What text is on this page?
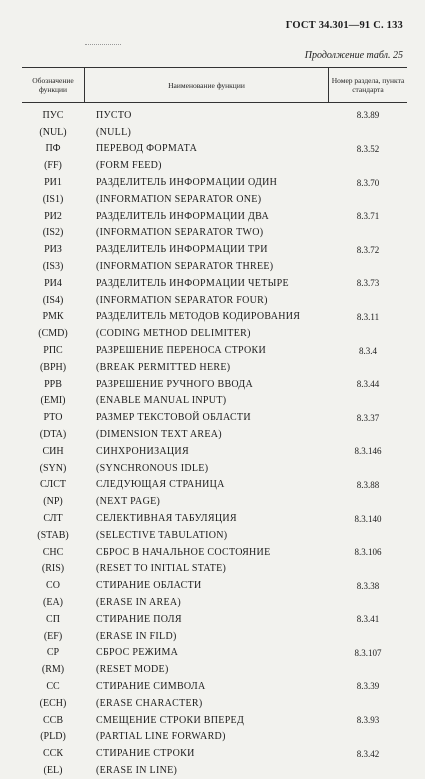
ГОСТ 34.301—91 С. 133
Продолжение табл. 25
Обозначение функции	Наименование функции	Номер раздела, пункта стандарта
ПУС	ПУСТО	8.3.89
(NUL)	(NULL)
ПФ	ПЕРЕВОД ФОРМАТА	8.3.52
(FF)	(FORM FEED)
РИ1	РАЗДЕЛИТЕЛЬ ИНФОРМАЦИИ ОДИН	8.3.70
(IS1)	(INFORMATION SEPARATOR ONE)
РИ2	РАЗДЕЛИТЕЛЬ ИНФОРМАЦИИ ДВА	8.3.71
(IS2)	(INFORMATION SEPARATOR TWO)
РИЗ	РАЗДЕЛИТЕЛЬ ИНФОРМАЦИИ ТРИ	8.3.72
(IS3)	(INFORMATION SEPARATOR THREE)
РИ4	РАЗДЕЛИТЕЛЬ ИНФОРМАЦИИ ЧЕТЫРЕ	8.3.73
(IS4)	(INFORMATION SEPARATOR FOUR)
РМК	РАЗДЕЛИТЕЛЬ МЕТОДОВ КОДИРОВАНИЯ	8.3.11
(CMD)	(CODING METHOD DELIMITER)
РПС	РАЗРЕШЕНИЕ ПЕРЕНОСА СТРОКИ	8.3.4
(BPH)	(BREAK PERMITTED HERE)
РРВ	РАЗРЕШЕНИЕ РУЧНОГО ВВОДА	8.3.44
(EMI)	(ENABLE MANUAL INPUT)
РТО	РАЗМЕР ТЕКСТОВОЙ ОБЛАСТИ	8.3.37
(DTA)	(DIMENSION TEXT AREA)
СИН	СИНХРОНИЗАЦИЯ	8.3.146
(SYN)	(SYNCHRONOUS IDLE)
СЛСТ	СЛЕДУЮЩАЯ СТРАНИЦА	8.3.88
(NP)	(NEXT PAGE)
СЛТ	СЕЛЕКТИВНАЯ ТАБУЛЯЦИЯ	8.3.140
(STAB)	(SELECTIVE TABULATION)
СНС	СБРОС В НАЧАЛЬНОЕ СОСТОЯНИЕ	8.3.106
(RIS)	(RESET TO INITIAL STATE)
СО	СТИРАНИЕ ОБЛАСТИ	8.3.38
(EA)	(ERASE IN AREA)
СП	СТИРАНИЕ ПОЛЯ	8.3.41
(EF)	(ERASE IN FILD)
СР	СБРОС РЕЖИМА	8.3.107
(RM)	(RESET MODE)
СС	СТИРАНИЕ СИМВОЛА	8.3.39
(ECH)	(ERASE CHARACTER)
ССВ	СМЕЩЕНИЕ СТРОКИ ВПЕРЕД	8.3.93
(PLD)	(PARTIAL LINE FORWARD)
ССК	СТИРАНИЕ СТРОКИ	8.3.42
(EL)	(ERASE IN LINE)
